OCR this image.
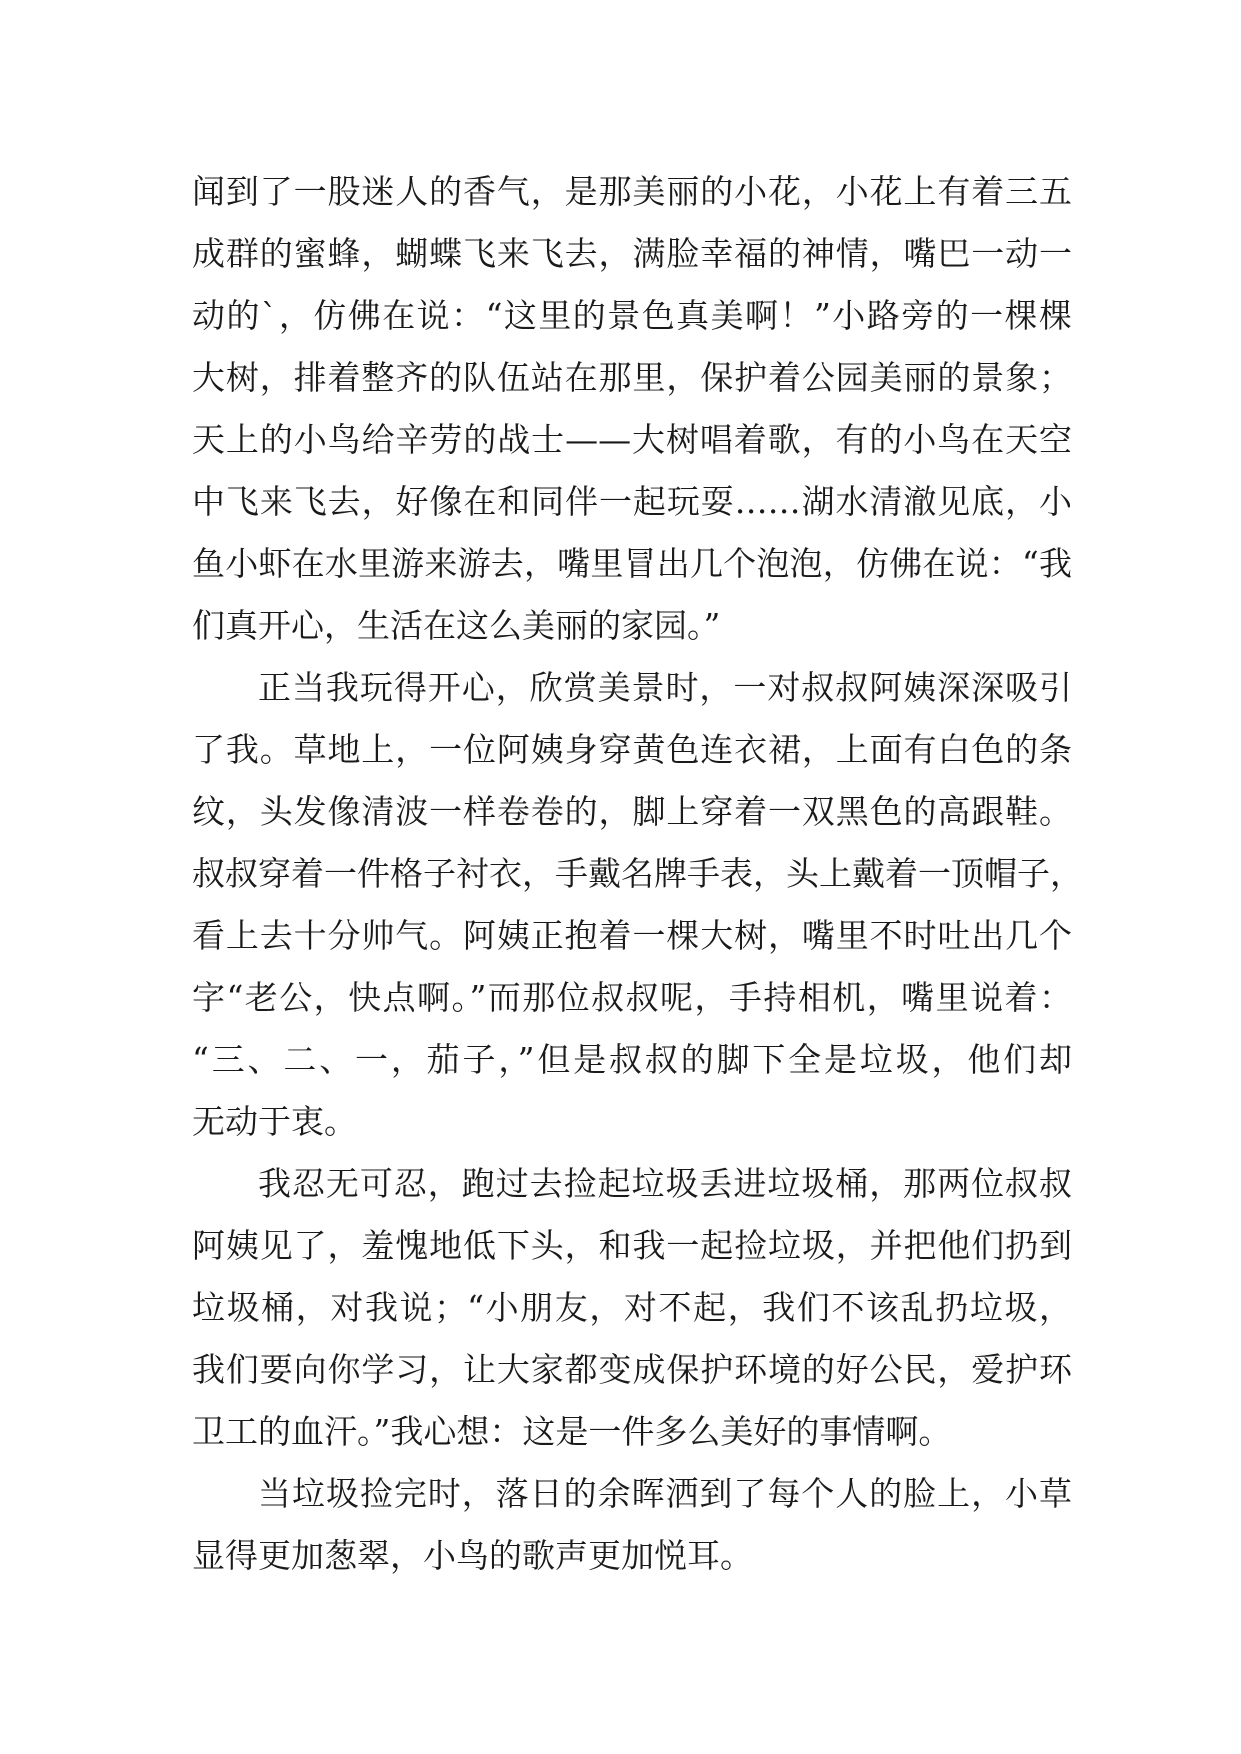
闻到了一股迷人的香气，是那美丽的小花，小花上有着三五
成群的蜜蜂，蝴蝶飞来飞去，满脸幸福的神情，嘴巴一动一
动的`，仿佛在说：“这里的景色真美啊！”小路旁的一棵棵
大树，排着整齐的队伍站在那里，保护着公园美丽的景象；
天上的小鸟给辛劳的战士——大树唱着歌，有的小鸟在天空
中飞来飞去，好像在和同伴一起玩耍……湖水清澈见底，小
鱼小虾在水里游来游去，嘴里冒出几个泡泡，仿佛在说：“我
们真开心，生活在这么美丽的家园。”
正当我玩得开心，欣赏美景时，一对叔叔阿姨深深吸引
了我。草地上，一位阿姨身穿黄色连衣裙，上面有白色的条
纹，头发像清波一样卷卷的，脚上穿着一双黑色的高跟鞋。
叔叔穿着一件格子衬衣，手戴名牌手表，头上戴着一顶帽子，
看上去十分帅气。阿姨正抱着一棵大树，嘴里不时吐出几个
字“老公，快点啊。”而那位叔叔呢，手持相机，嘴里说着：
“三、二、一，茄子，”但是叔叔的脚下全是垃圾，他们却
无动于衷。
我忍无可忍，跑过去捡起垃圾丢进垃圾桶，那两位叔叔
阿姨见了，羞愧地低下头，和我一起捡垃圾，并把他们扔到
垃圾桶，对我说；“小朋友，对不起，我们不该乱扔垃圾，
我们要向你学习，让大家都变成保护环境的好公民，爱护环
卫工的血汗。”我心想：这是一件多么美好的事情啊。
当垃圾捡完时，落日的余晖洒到了每个人的脸上，小草
显得更加葱翠，小鸟的歌声更加悦耳。
